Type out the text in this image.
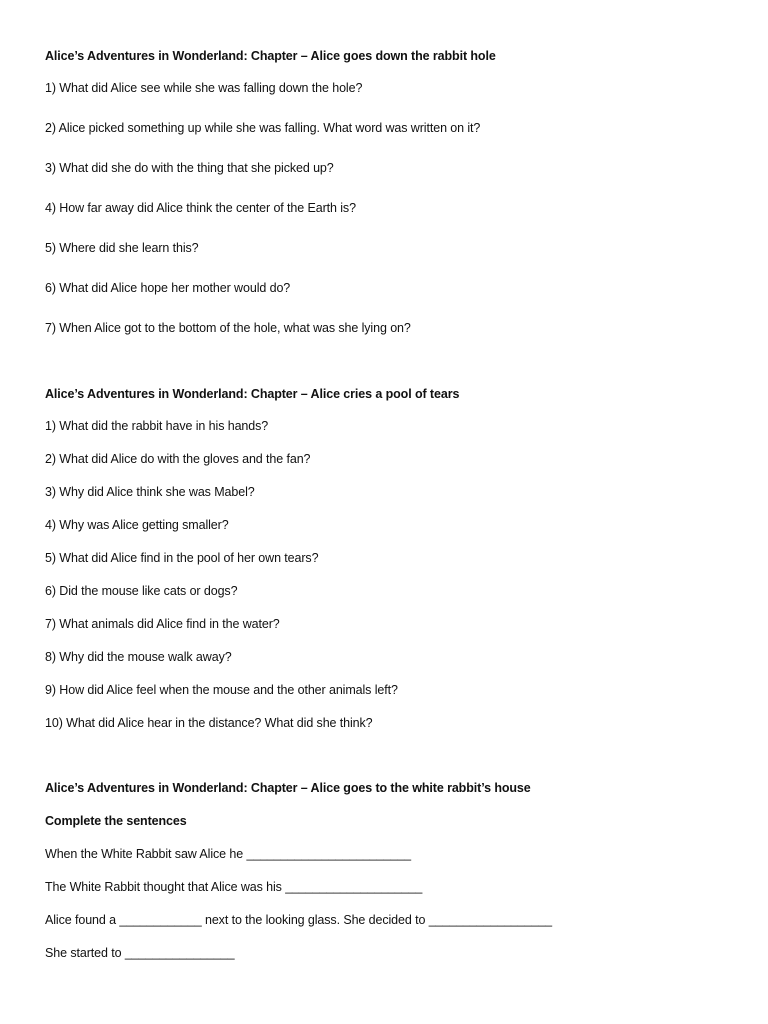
Alice’s Adventures in Wonderland: Chapter – Alice goes down the rabbit hole
1) What did Alice see while she was falling down the hole?
2) Alice picked something up while she was falling. What word was written on it?
3) What did she do with the thing that she picked up?
4) How far away did Alice think the center of the Earth is?
5) Where did she learn this?
6) What did Alice hope her mother would do?
7) When Alice got to the bottom of the hole, what was she lying on?
Alice’s Adventures in Wonderland: Chapter – Alice cries a pool of tears
1) What did the rabbit have in his hands?
2) What did Alice do with the gloves and the fan?
3) Why did Alice think she was Mabel?
4) Why was Alice getting smaller?
5) What did Alice find in the pool of her own tears?
6) Did the mouse like cats or dogs?
7) What animals did Alice find in the water?
8) Why did the mouse walk away?
9) How did Alice feel when the mouse and the other animals left?
10) What did Alice hear in the distance? What did she think?
Alice’s Adventures in Wonderland: Chapter – Alice goes to the white rabbit’s house
Complete the sentences
When the White Rabbit saw Alice he ________________________
The White Rabbit thought that Alice was his ____________________
Alice found a ____________ next to the looking glass. She decided to __________________
She started to ________________
